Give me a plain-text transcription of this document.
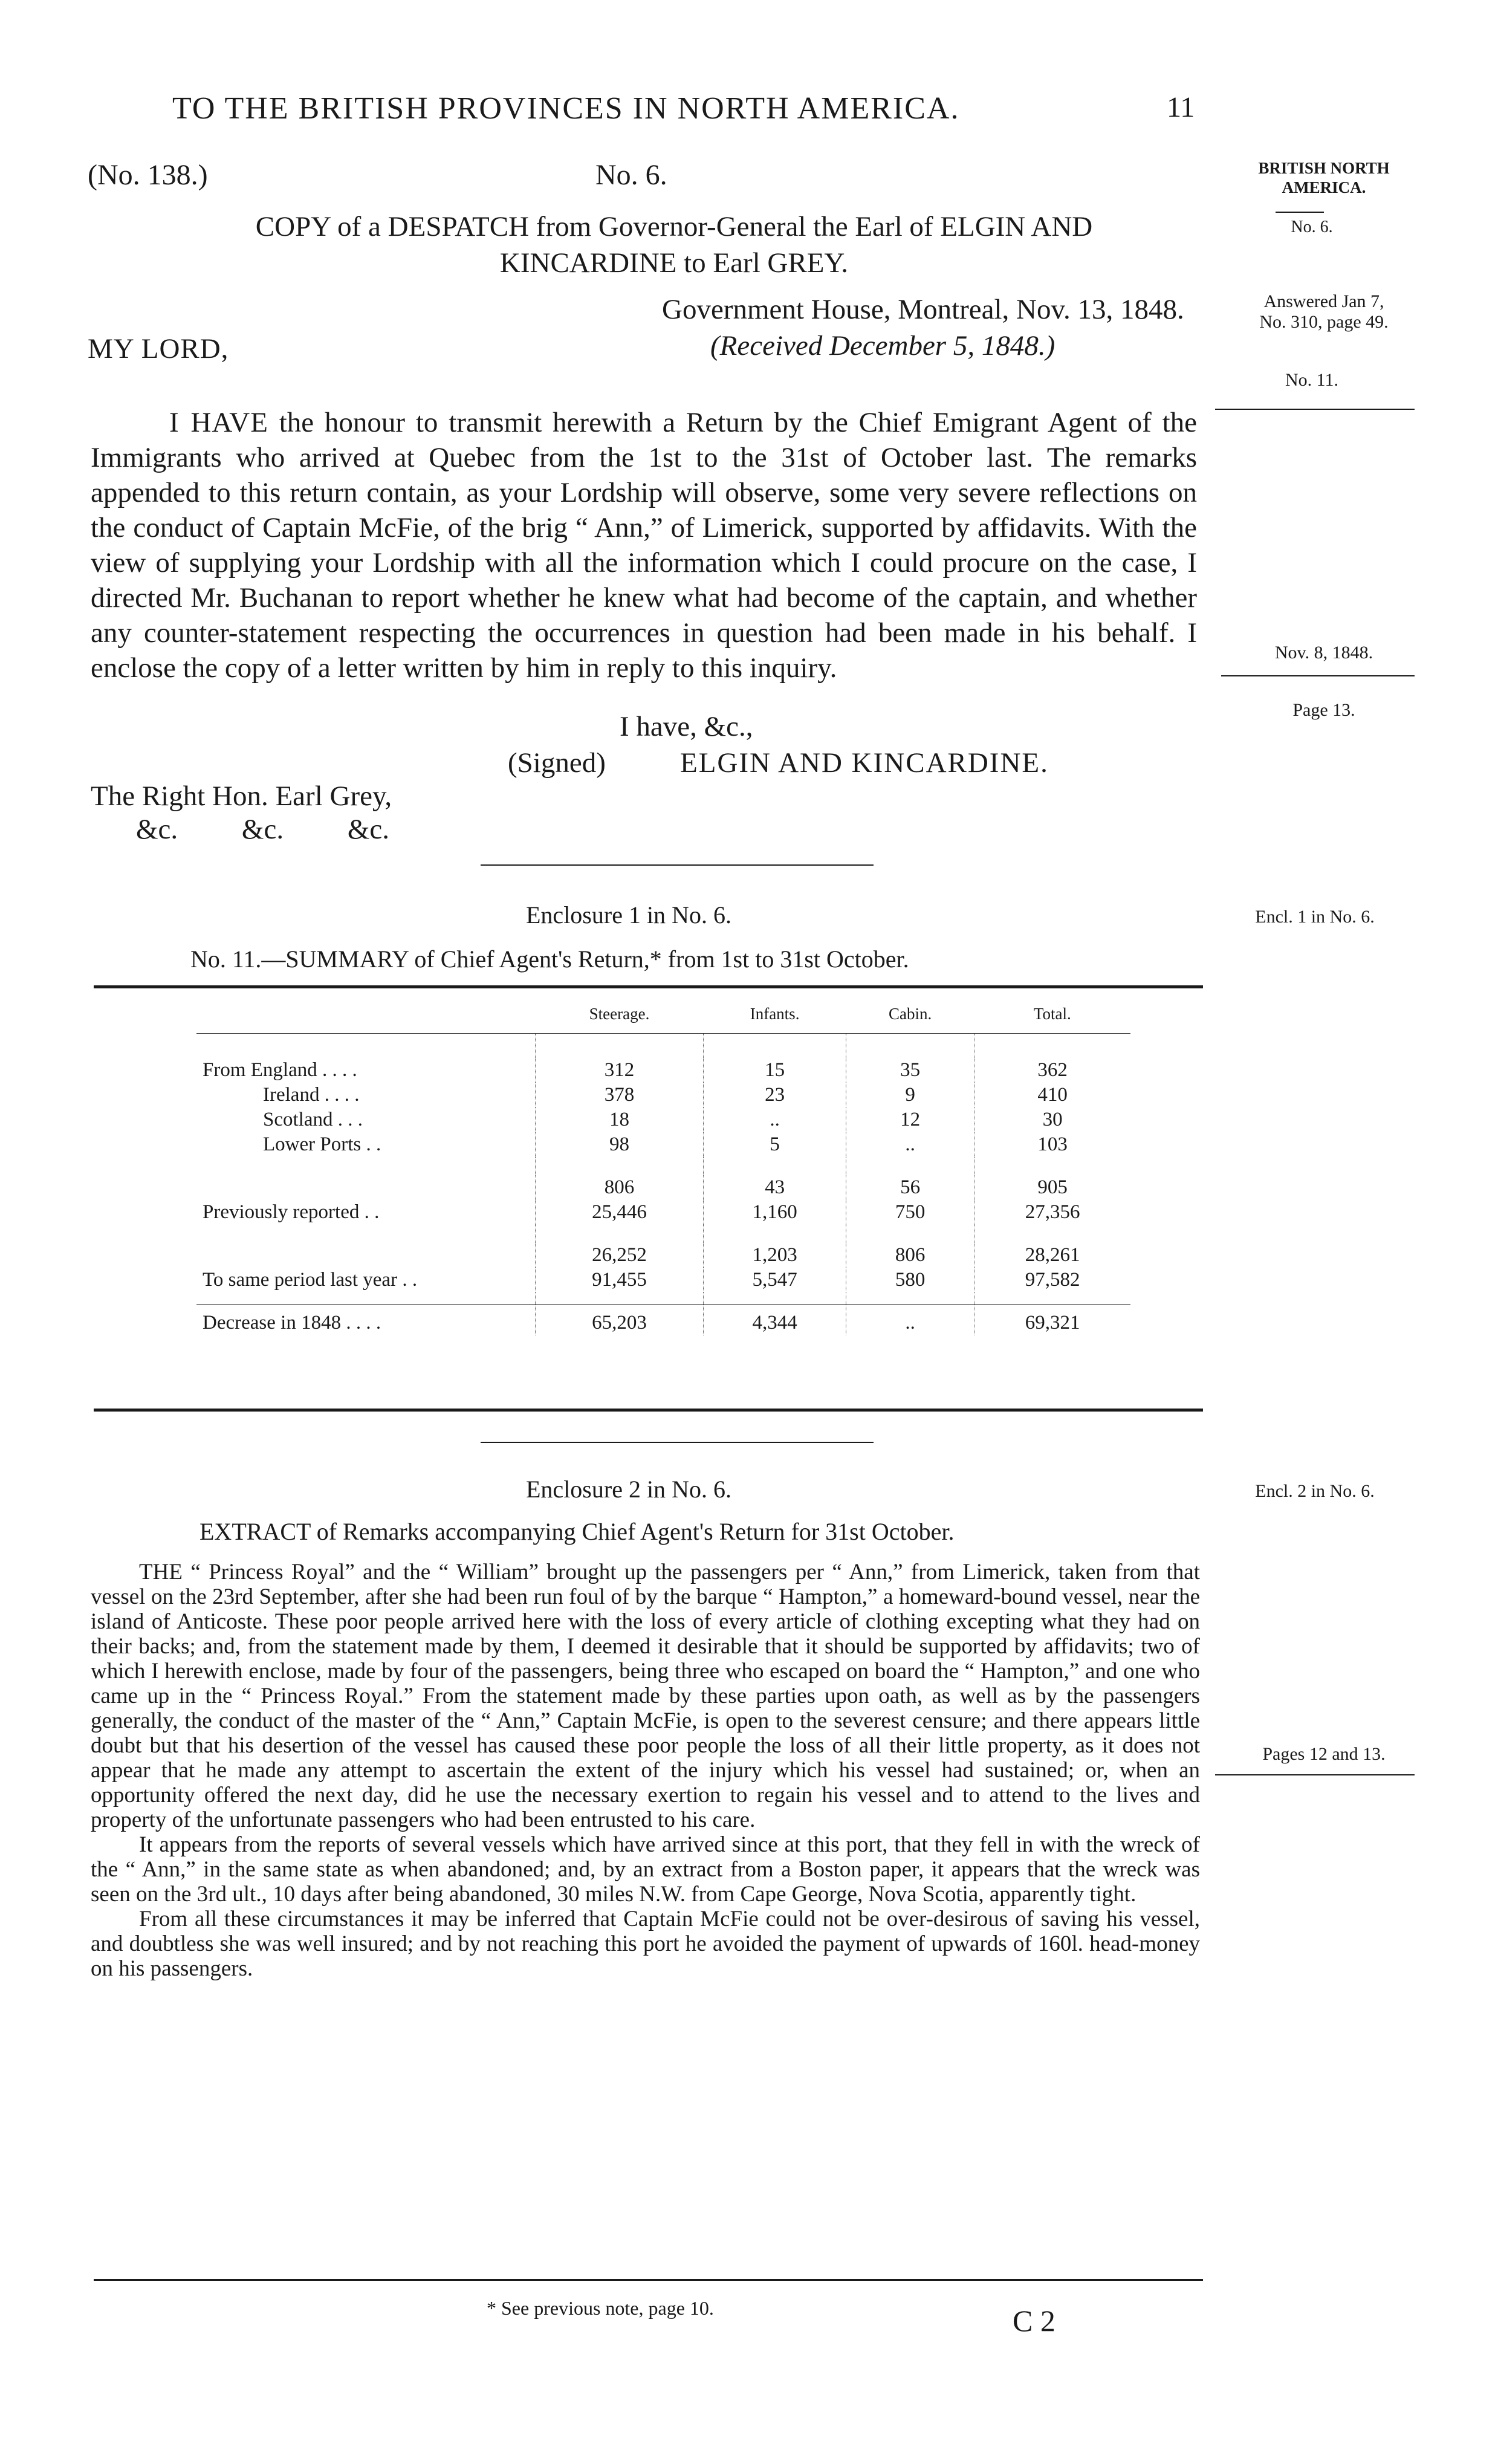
TO THE BRITISH PROVINCES IN NORTH AMERICA.	11
(No. 138.)	No. 6.	BRITISH NORTH AMERICA.
No. 6.
COPY of a DESPATCH from Governor-General the Earl of ELGIN AND
KINCARDINE to Earl GREY.
Government House, Montreal, Nov. 13, 1848.
(Received December 5, 1848.)
MY LORD,
Answered Jan 7,
No. 310, page 49.
No. 11.
I HAVE the honour to transmit herewith a Return by the Chief Emigrant Agent of the Immigrants who arrived at Quebec from the 1st to the 31st of October last. The remarks appended to this return contain, as your Lordship will observe, some very severe reflections on the conduct of Captain McFie, of the brig “ Ann,” of Limerick, supported by affidavits. With the view of supplying your Lordship with all the information which I could procure on the case, I directed Mr. Buchanan to report whether he knew what had become of the captain, and whether any counter-statement respecting the occurrences in question had been made in his behalf. I enclose the copy of a letter written by him in reply to this inquiry.	Nov. 8, 1848.
Page 13.
I have, &c.,
(Signed)	ELGIN AND KINCARDINE.
The Right Hon. Earl Grey,
&c.         &c.         &c.
Enclosure 1 in No. 6.	Encl. 1 in No. 6.
No. 11.—SUMMARY of Chief Agent's Return,* from 1st to 31st October.
	Steerage.	Infants.	Cabin.	Total.

From England . . . .	312	15	35	362
Ireland . . . .	378	23	9	410
Scotland . . .	18	..	12	30
Lower Ports . .	98	5	..	103

	806	43	56	905
Previously reported . .	25,446	1,160	750	27,356

	26,252	1,203	806	28,261
To same period last year . .	91,455	5,547	580	97,582

Decrease in 1848 . . . .	65,203	4,344	..	69,321
Enclosure 2 in No. 6.	Encl. 2 in No. 6.
EXTRACT of Remarks accompanying Chief Agent's Return for 31st October.
THE “ Princess Royal” and the “ William” brought up the passengers per “ Ann,” from Limerick, taken from that vessel on the 23rd September, after she had been run foul of by the barque “ Hampton,” a homeward-bound vessel, near the island of Anticoste. These poor people arrived here with the loss of every article of clothing excepting what they had on their backs; and, from the statement made by them, I deemed it desirable that it should be supported by affidavits; two of which I herewith enclose, made by four of the passengers, being three who escaped on board the “ Hampton,” and one who came up in the “ Princess Royal.” From the statement made by these parties upon oath, as well as by the passengers generally, the conduct of the master of the “ Ann,” Captain McFie, is open to the severest censure; and there appears little doubt but that his desertion of the vessel has caused these poor people the loss of all their little property, as it does not appear that he made any attempt to ascertain the extent of the injury which his vessel had sustained; or, when an opportunity offered the next day, did he use the necessary exertion to regain his vessel and to attend to the lives and property of the unfortunate passengers who had been entrusted to his care.
It appears from the reports of several vessels which have arrived since at this port, that they fell in with the wreck of the “ Ann,” in the same state as when abandoned; and, by an extract from a Boston paper, it appears that the wreck was seen on the 3rd ult., 10 days after being abandoned, 30 miles N.W. from Cape George, Nova Scotia, apparently tight.
From all these circumstances it may be inferred that Captain McFie could not be over-desirous of saving his vessel, and doubtless she was well insured; and by not reaching this port he avoided the payment of upwards of 160l. head-money on his passengers.
Pages 12 and 13.
* See previous note, page 10.	C 2
